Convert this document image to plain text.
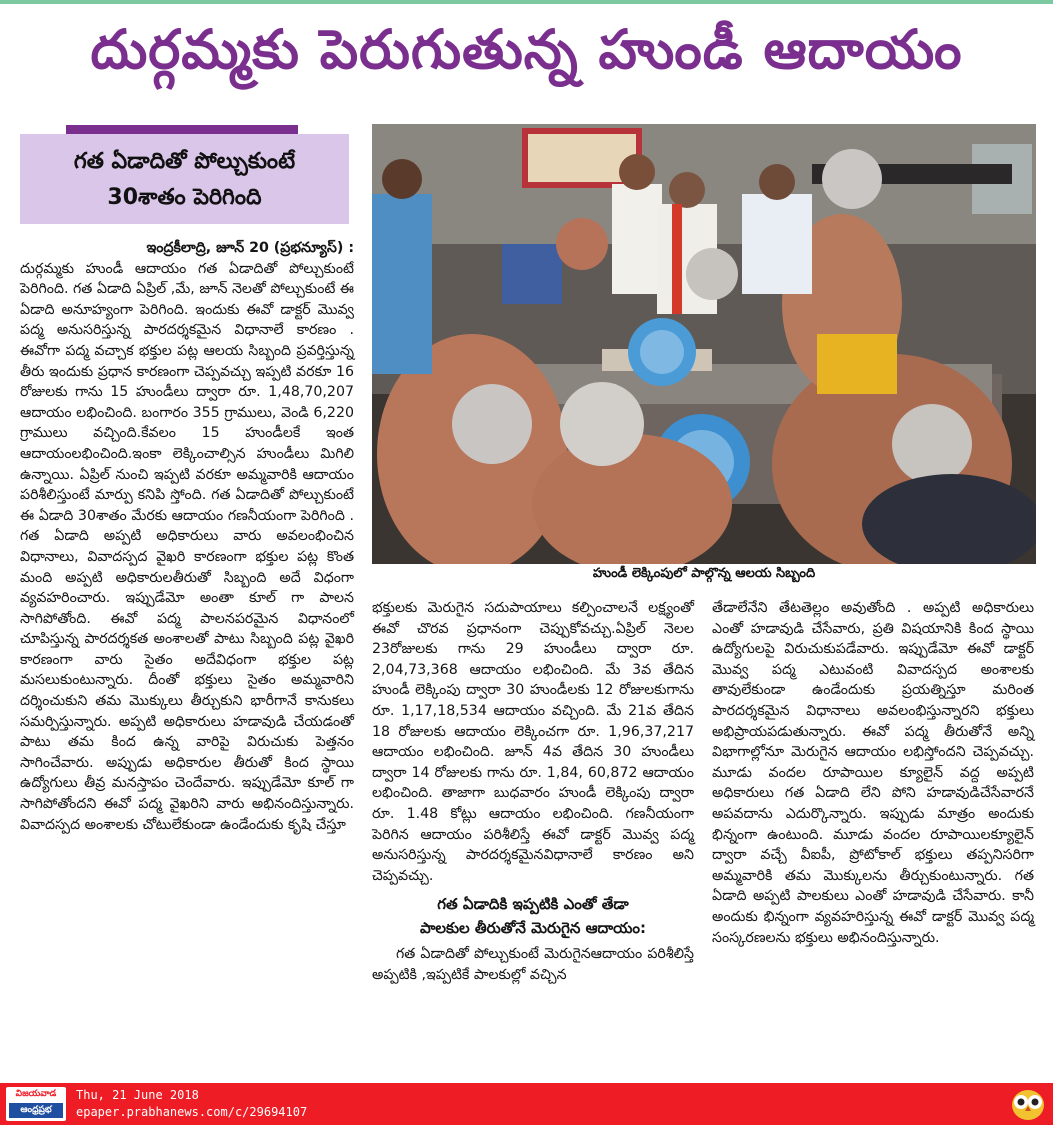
దుర్గమ్మకు పెరుగుతున్న హుండీ ఆదాయం
గత ఏడాదితో పోల్చుకుంటే
30శాతం పెరిగింది

ఇంద్రకీలాద్రి, జూన్ 20 (ప్రభన్యూస్) :

దుర్గమ్మకు హుండీ ఆదాయం గత ఏడాదితో పోల్చుకుంటే పెరిగింది. గత ఏడాది ఏప్రిల్ ,మే, జూన్ నెలతో పోల్చుకుంటే ఈ ఏడాది అనూహ్యంగా పెరిగింది. ఇందుకు ఈవో డాక్టర్ మొవ్వ పద్మ అనుసరిస్తున్న పారదర్శకమైన విధానాలే కారణం . ఈవోగా పద్మ వచ్చాక భక్తుల పట్ల ఆలయ సిబ్బంది ప్రవర్తిస్తున్న తీరు ఇందుకు ప్రధాన కారణంగా చెప్పవచ్చు ఇప్పటి వరకూ 16 రోజులకు గాను 15 హుండీలు ద్వారా రూ. 1,48,70,207 ఆదాయం లభించింది. బంగారం 355 గ్రాములు, వెండి 6,220 గ్రాములు వచ్చింది.కేవలం 15 హుండీలకే ఇంత ఆదాయంలభించింది.ఇంకా లెక్కించాల్సిన హుండీలు మిగిలి ఉన్నాయి. ఏప్రిల్ నుంచి ఇప్పటి వరకూ అమ్మవారికి ఆదాయం పరిశీలిస్తుంటే మార్పు కనిపి స్తోంది. గత ఏడాదితో పోల్చుకుంటే ఈ ఏడాది 30శాతం మేరకు ఆదాయం గణనీయంగా పెరిగింది . గత ఏడాది అప్పటి అధికారులు వారు అవలంభించిన విధానాలు, వివాదస్పద వైఖరి కారణంగా భక్తుల పట్ల కొంత మంది అప్పటి అధికారులతీరుతో సిబ్బంది అదే విధంగా వ్యవహరించారు. ఇప్పుడేమో అంతా కూల్ గా పాలన సాగిపోతోంది. ఈవో పద్మ పాలనపరమైన విధానంలో చూపిస్తున్న పారదర్శకత అంశాలతో పాటు సిబ్బంది పట్ల వైఖరి కారణంగా వారు సైతం అదేవిధంగా భక్తుల పట్ల మసలుకుంటున్నారు. దీంతో భక్తులు సైతం అమ్మవారిని దర్శించుకుని తమ మొక్కులు తీర్చుకుని భారీగానే కానుకలు సమర్పిస్తున్నారు. అప్పటి అధికారులు హడావుడి చేయడంతో పాటు తమ కింద ఉన్న వారిపై విరుచుకు పెత్తనం సాగించేవారు. అప్పుడు అధికారుల తీరుతో కింద స్థాయి ఉద్యోగులు తీవ్ర మనస్తాపం చెందేవారు. ఇప్పుడేమో కూల్ గా సాగిపోతోందని ఈవో పద్మ వైఖరిని వారు అభినందిస్తున్నారు. వివాదస్పద అంశాలకు చోటులేకుండా ఉండేందుకు కృషి చేస్తూ

హుండీ లెక్కింపులో పాల్గొన్న ఆలయ సిబ్బంది

భక్తులకు మెరుగైన సదుపాయాలు కల్పించాలనే లక్ష్యంతో ఈవో చొరవ ప్రధానంగా చెప్పుకోవచ్చు.ఏప్రిల్ నెలల 23రోజులకు గాను 29 హుండీలు ద్వారా రూ. 2,04,73,368 ఆదాయం లభించింది. మే 3వ తేదిన హుండీ లెక్కింపు ద్వారా 30 హుండీలకు 12 రోజులకుగాను రూ. 1,17,18,534 ఆదాయం వచ్చింది. మే 21వ తేదిన 18 రోజులకు ఆదాయం లెక్కించగా రూ. 1,96,37,217 ఆదాయం లభించింది. జూన్ 4వ తేదిన 30 హుండీలు ద్వారా 14 రోజులకు గాను రూ. 1,84, 60,872 ఆదాయం లభించింది. తాజాగా బుధవారం హుండీ లెక్కింపు ద్వారా రూ. 1.48 కోట్లు ఆదాయం లభించింది. గణనీయంగా పెరిగిన ఆదాయం పరిశీలిస్తే ఈవో డాక్టర్ మొవ్వ పద్మ అనుసరిస్తున్న పారదర్శకమైనవిధానాలే కారణం అని చెప్పవచ్చు.

గత ఏడాదికి ఇప్పటికి ఎంతో తేడా
పాలకుల తీరుతోనే మెరుగైన ఆదాయం:

గత ఏడాదితో పోల్చుకుంటే మెరుగైనఆదాయం పరిశీలిస్తే అప్పటికి ,ఇప్పటికే పాలకుల్లో వచ్చిన

తేడాలేనేని తేటతెల్లం అవుతోంది . అప్పటి అధికారులు ఎంతో హడావుడి చేసేవారు, ప్రతి విషయానికి కింద స్థాయి ఉద్యోగులపై విరుచుకుపడేవారు. ఇప్పుడేమో ఈవో డాక్టర్ మొవ్వ పద్మ ఎటువంటి వివాదస్పద అంశాలకు తావులేకుండా ఉండేందుకు ప్రయత్నిస్తూ మరింత పారదర్శకమైన విధానాలు అవలంభిస్తున్నారని భక్తులు అభిప్రాయపడుతున్నారు. ఈవో పద్మ తీరుతోనే అన్ని విభాగాల్లోనూ మెరుగైన ఆదాయం లభిస్తోందని చెప్పవచ్చు. మూడు వందల రూపాయిల క్యూలైన్ వద్ద అప్పటి అధికారులు గత ఏడాది లేని పోని హడావుడిచేసేవారనే అపవదాను ఎదుర్కొన్నారు. ఇప్పుడు మాత్రం అందుకు భిన్నంగా ఉంటుంది. మూడు వందల రూపాయిలక్యూలైన్ ద్వారా వచ్చే వీఐపీ, ప్రోటోకాల్ భక్తులు తప్పనిసరిగా అమ్మవారికి తమ మొక్కులను తీర్చుకుంటున్నారు. గత ఏడాది అప్పటి పాలకులు ఎంతో హడావుడి చేసేవారు. కానీ అందుకు భిన్నంగా వ్యవహరిస్తున్న ఈవో డాక్టర్ మొవ్వ పద్మ సంస్కరణలను భక్తులు అభినందిస్తున్నారు.

విజయవాడ
ఆంధ్రప్రభ
Thu, 21 June 2018
epaper.prabhanews.com/c/29694107
